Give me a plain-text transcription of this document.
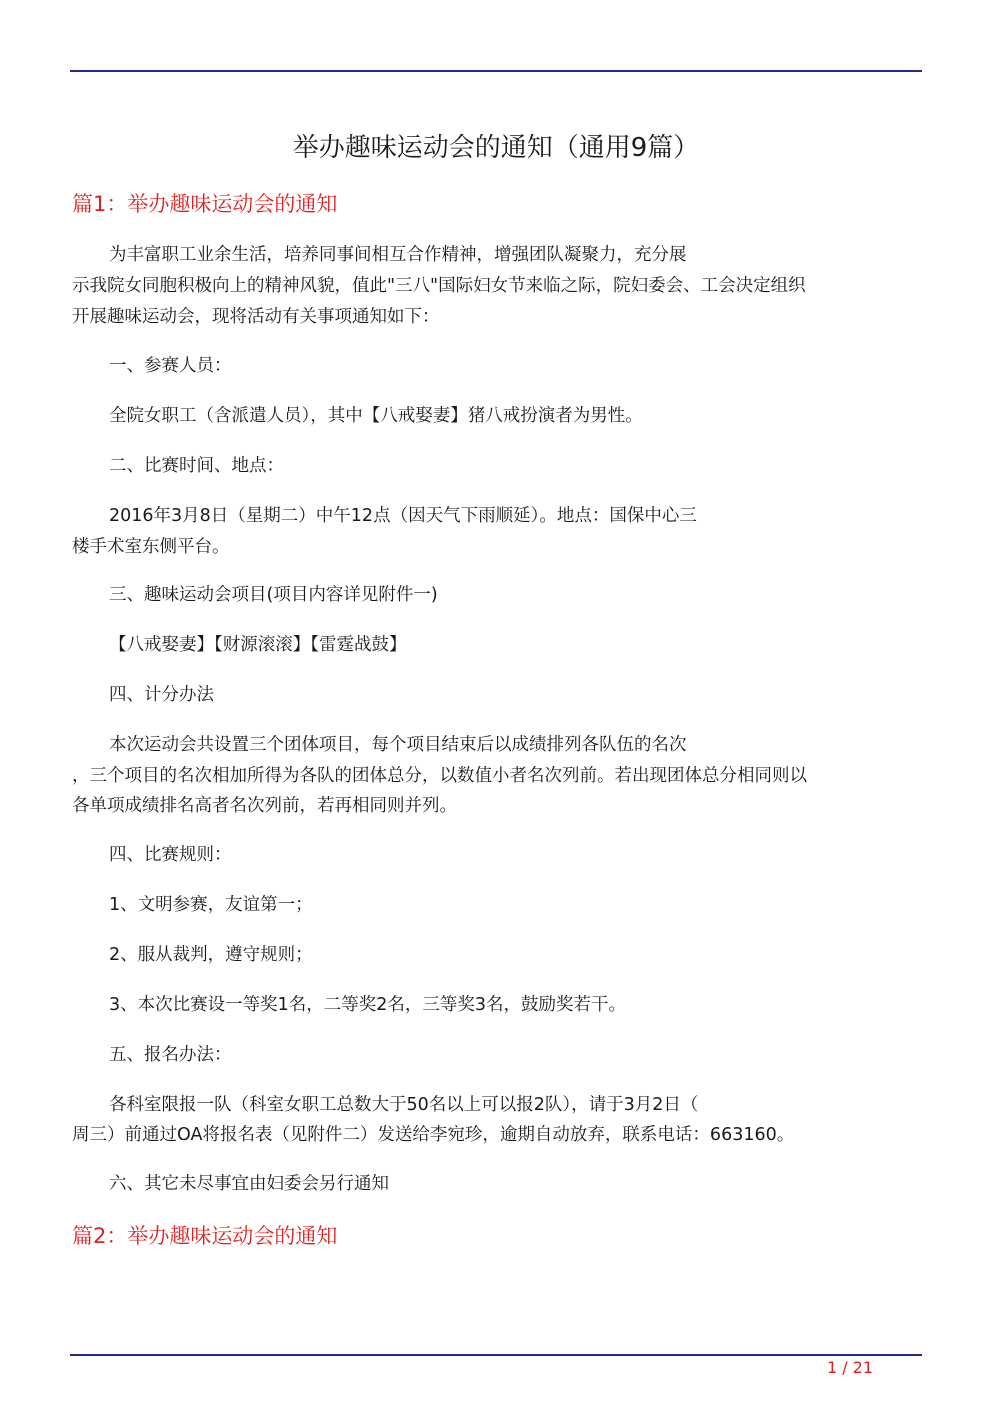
举办趣味运动会的通知（通用9篇）
篇1：举办趣味运动会的通知
为丰富职工业余生活，培养同事间相互合作精神，增强团队凝聚力，充分展
示我院女同胞积极向上的精神风貌，值此"三八"国际妇女节来临之际，院妇委会、工会决定组织
开展趣味运动会，现将活动有关事项通知如下：
一、参赛人员：
全院女职工（含派遣人员），其中【八戒娶妻】猪八戒扮演者为男性。
二、比赛时间、地点：
2016年3月8日（星期二）中午12点（因天气下雨顺延）。地点：国保中心三
楼手术室东侧平台。
三、趣味运动会项目(项目内容详见附件一)
【八戒娶妻】【财源滚滚】【雷霆战鼓】
四、计分办法
本次运动会共设置三个团体项目，每个项目结束后以成绩排列各队伍的名次
，三个项目的名次相加所得为各队的团体总分，以数值小者名次列前。若出现团体总分相同则以
各单项成绩排名高者名次列前，若再相同则并列。
四、比赛规则：
1、文明参赛，友谊第一；
2、服从裁判，遵守规则；
3、本次比赛设一等奖1名，二等奖2名，三等奖3名，鼓励奖若干。
五、报名办法：
各科室限报一队（科室女职工总数大于50名以上可以报2队），请于3月2日（
周三）前通过OA将报名表（见附件二）发送给李宛珍，逾期自动放弃，联系电话：663160。
六、其它未尽事宜由妇委会另行通知
篇2：举办趣味运动会的通知
1 / 21
